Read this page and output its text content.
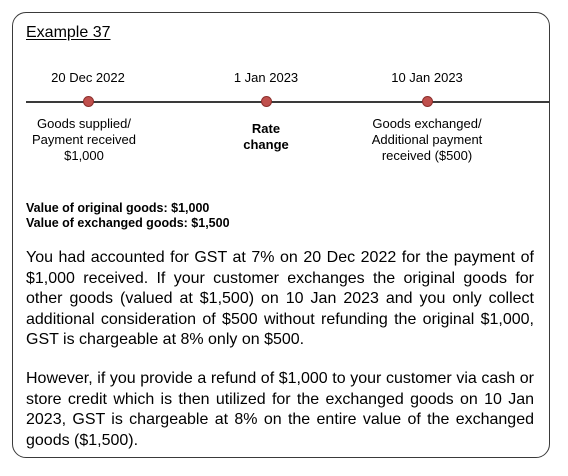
Example 37
20 Dec 2022	1 Jan 2023	10 Jan 2023
Goods supplied/
Payment received
$1,000
Rate
change
Goods exchanged/
Additional payment
received ($500)
Value of original goods: $1,000
Value of exchanged goods: $1,500
You had accounted for GST at 7% on 20 Dec 2022 for the payment of $1,000 received. If your customer exchanges the original goods for other goods (valued at $1,500) on 10 Jan 2023 and you only collect additional consideration of $500 without refunding the original $1,000, GST is chargeable at 8% only on $500.
However, if you provide a refund of $1,000 to your customer via cash or store credit which is then utilized for the exchanged goods on 10 Jan 2023, GST is chargeable at 8% on the entire value of the exchanged goods ($1,500).
